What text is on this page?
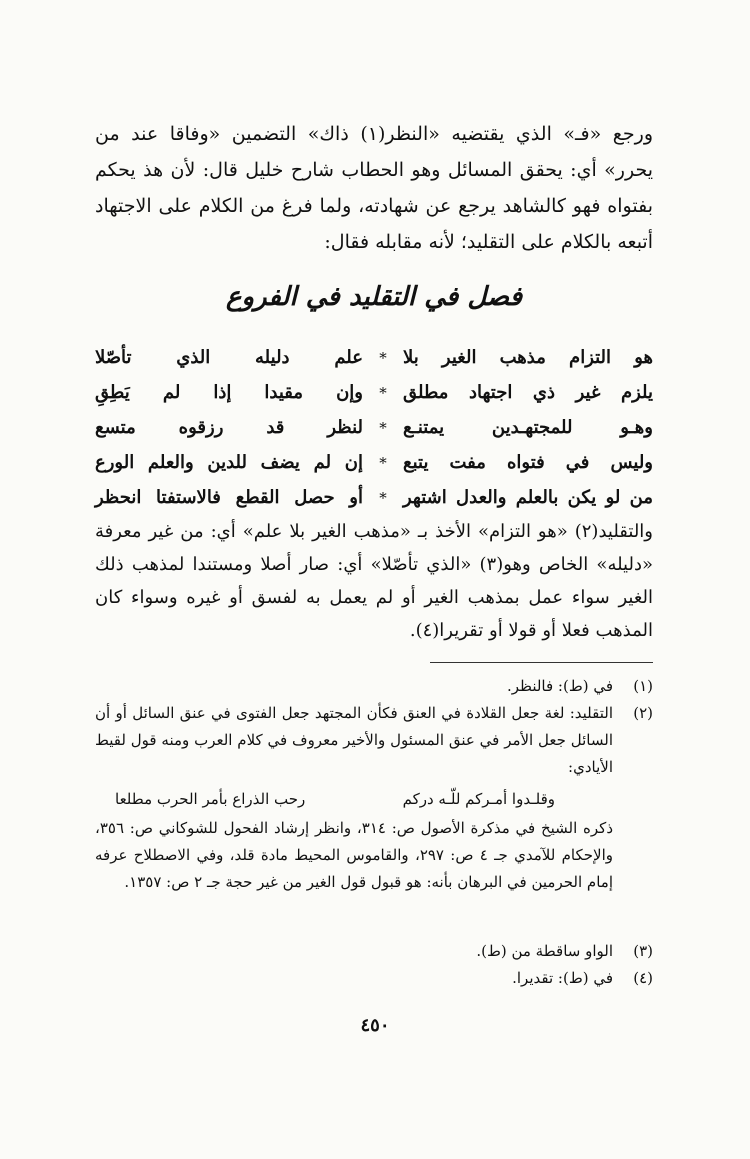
ورجع «فـ» الذي يقتضيه «النظر(١) ذاك» التضمين «وفاقا عند من يحرر» أي: يحقق المسائل وهو الحطاب شارح خليل قال: لأن هذ يحكم بفتواه فهو كالشاهد يرجع عن شهادته، ولما فرغ من الكلام على الاجتهاد أتبعه بالكلام على التقليد؛ لأنه مقابله فقال:

فصل في التقليد في الفروع
هو التزام مذهب الغير بلا
*
علم دليله الذي تأصّلا
يلزم غير ذي اجتهاد مطلق
*
وإن مقيدا إذا لم يَطِقِ
وهـو للمجتهـدين يمتنـع
*
لنظر قد رزقوه متسع
وليس في فتواه مفت يتبع
*
إن لم يضف للدين والعلم الورع
من لو يكن بالعلم والعدل اشتهر
*
أو حصل القطع فالاستفتا انحظر

والتقليد(٢) «هو التزام» الأخذ بـ «مذهب الغير بلا علم» أي: من غير معرفة «دليله» الخاص وهو(٣) «الذي تأصّلا» أي: صار أصلا ومستندا لمذهب ذلك الغير سواء عمل بمذهب الغير أو لم يعمل به لفسق أو غيره وسواء كان المذهب فعلا أو قولا أو تقريرا(٤).

(١)
في (ط): فالنظر.
(٢)
التقليد: لغة جعل القلادة في العنق فكأن المجتهد جعل الفتوى في عنق السائل أو أن السائل جعل الأمر في عنق المسئول والأخير معروف في كلام العرب ومنه قول لقيط الأيادي:
وقلـدوا أمـركم للّـه دركم
رحب الذراع بأمر الحرب مطلعا
ذكره الشيخ في مذكرة الأصول ص: ٣١٤، وانظر إرشاد الفحول للشوكاني ص: ٣٥٦، والإحكام للآمدي جـ ٤ ص: ٢٩٧، والقاموس المحيط مادة قلد، وفي الاصطلاح عرفه إمام الحرمين في البرهان بأنه: هو قبول قول الغير من غير حجة جـ ٢ ص: ١٣٥٧.
(٣)
الواو ساقطة من (ط).
(٤)
في (ط): تقديرا.
٤٥٠
